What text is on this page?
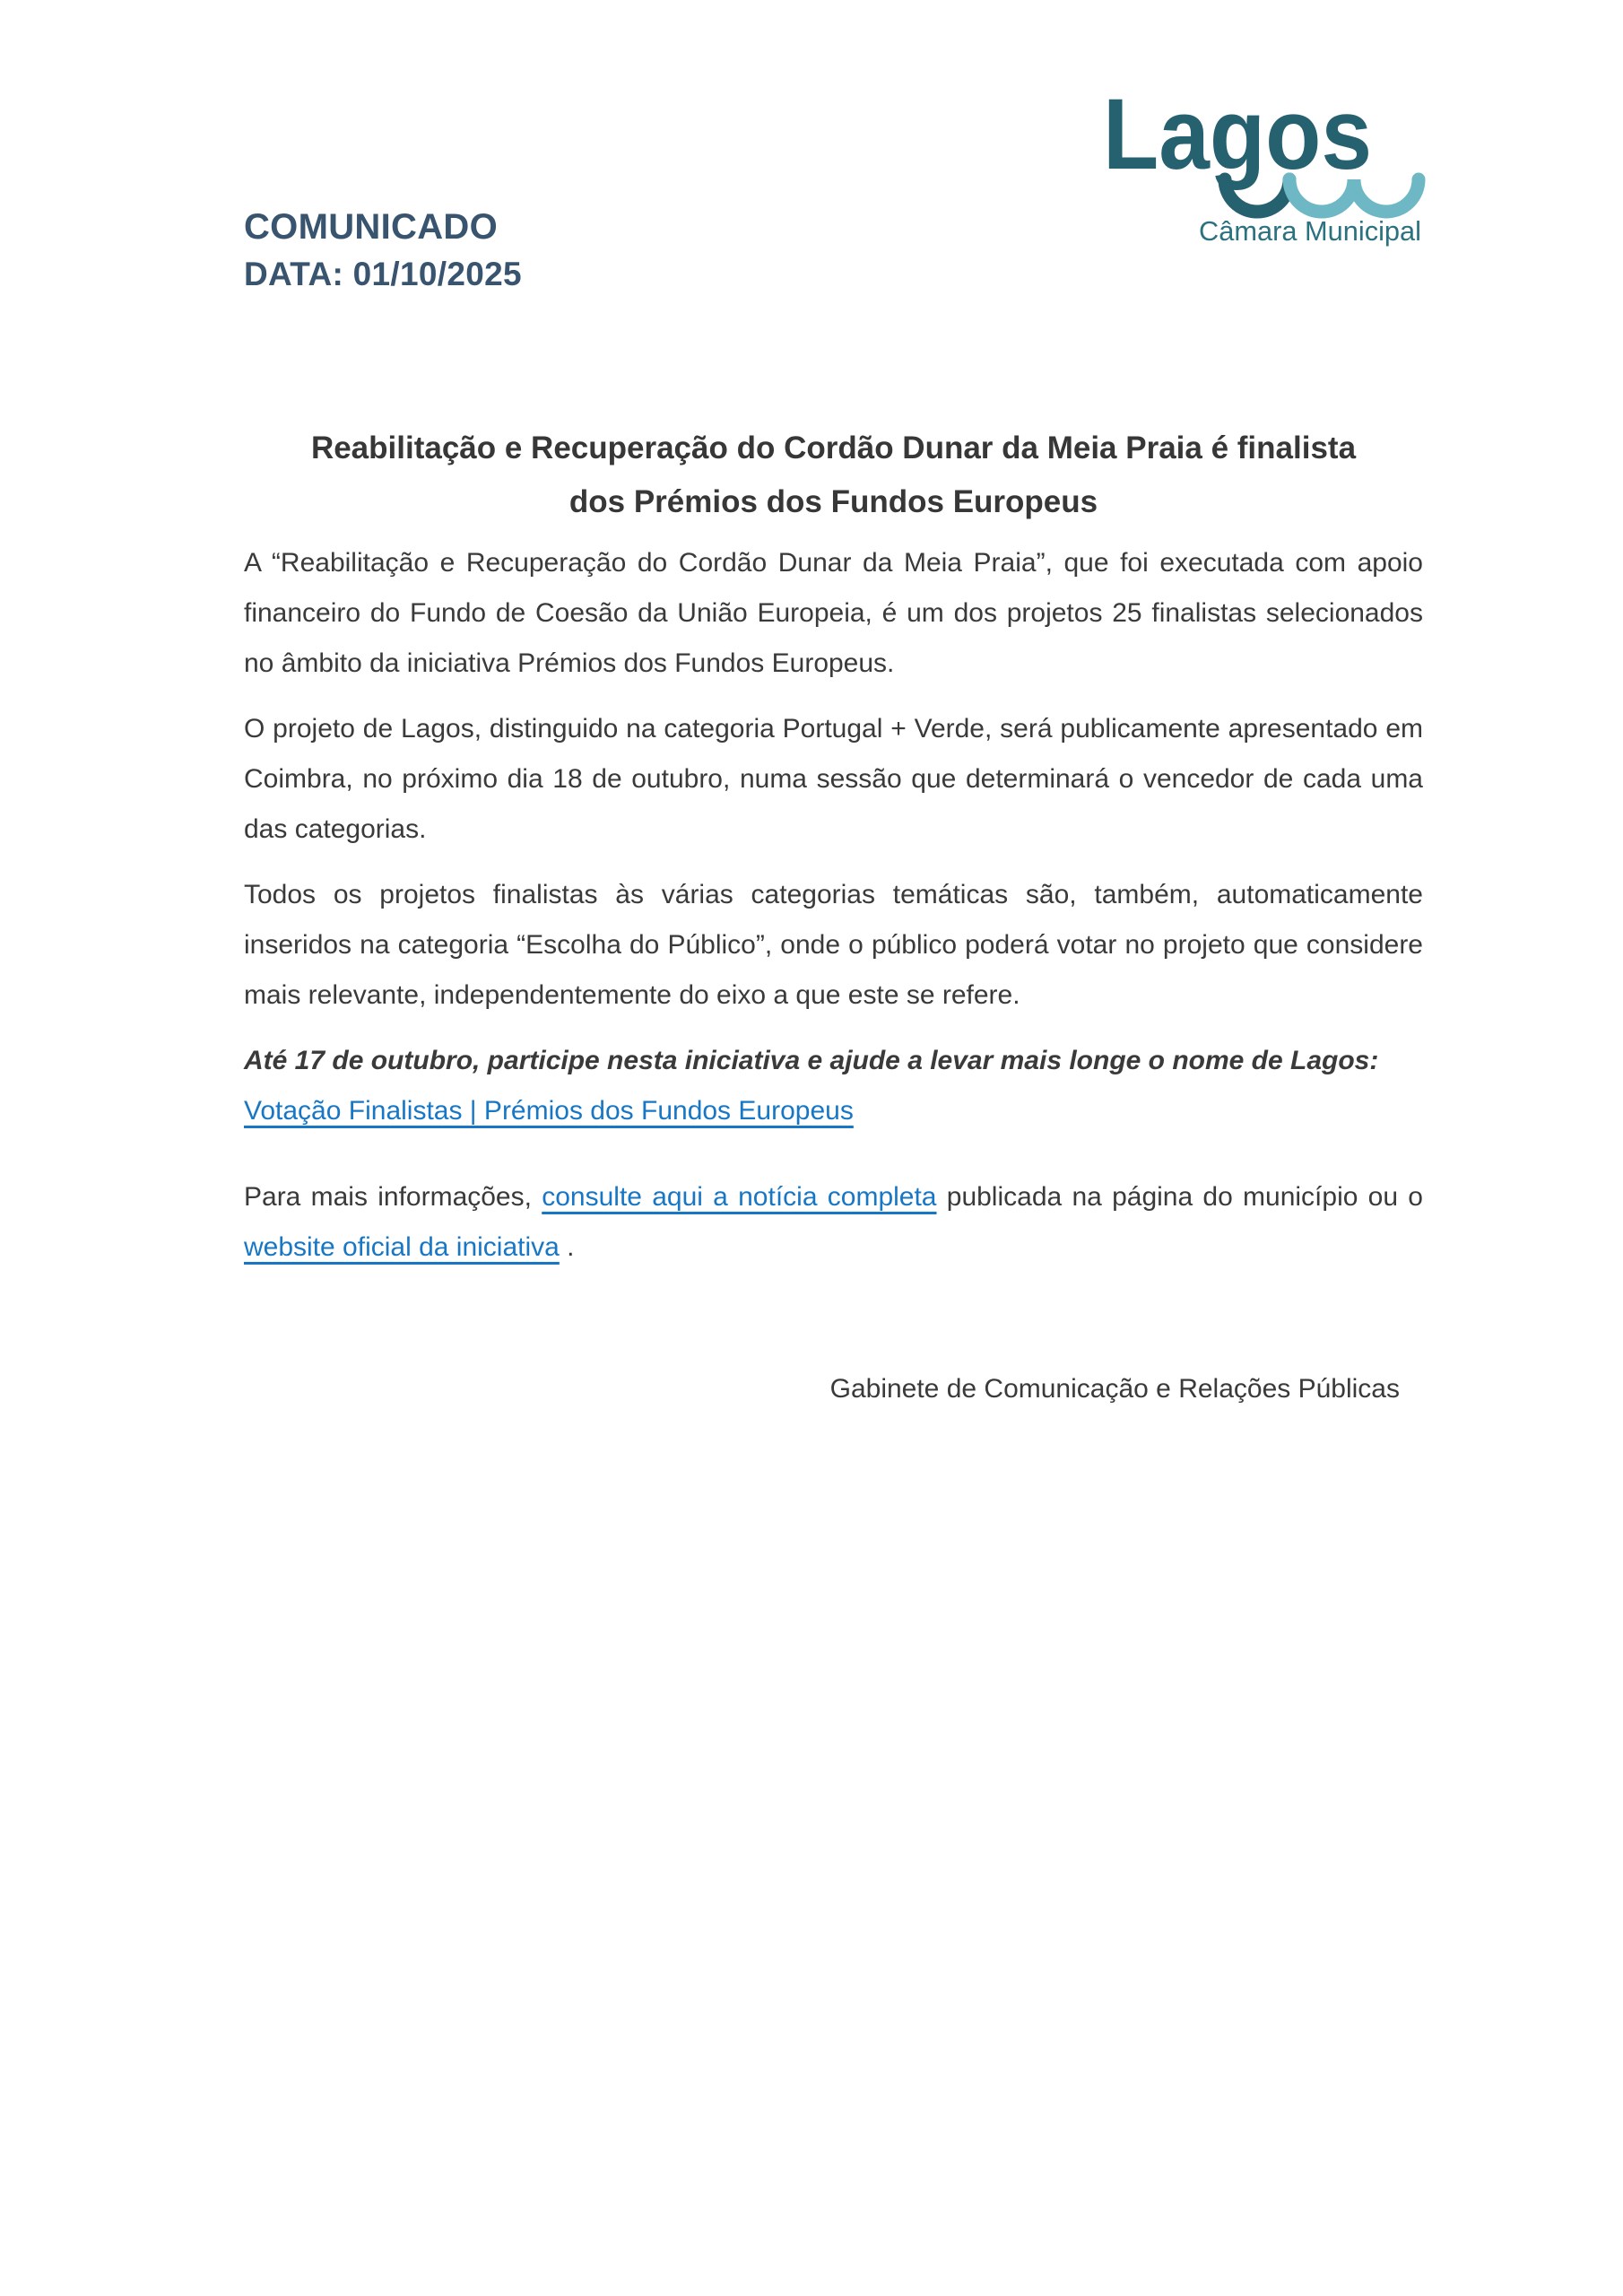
COMUNICADO
DATA: 01/10/2025
Lagos
Câmara Municipal
Reabilitação e Recuperação do Cordão Dunar da Meia Praia é finalista
dos Prémios dos Fundos Europeus

A “Reabilitação e Recuperação do Cordão Dunar da Meia Praia”, que foi executada com apoio financeiro do Fundo de Coesão da União Europeia, é um dos projetos 25 finalistas selecionados no âmbito da iniciativa Prémios dos Fundos Europeus.

O projeto de Lagos, distinguido na categoria Portugal + Verde, será publicamente apresentado em Coimbra, no próximo dia 18 de outubro, numa sessão que determinará o vencedor de cada uma das categorias.

Todos os projetos finalistas às várias categorias temáticas são, também, automaticamente inseridos na categoria “Escolha do Público”, onde o público poderá votar no projeto que considere mais relevante, independentemente do eixo a que este se refere.

Até 17 de outubro, participe nesta iniciativa e ajude a levar mais longe o nome de Lagos:

Votação Finalistas | Prémios dos Fundos Europeus

Para mais informações, consulte aqui a notícia completa publicada na página do município ou o website oficial da iniciativa .

Gabinete de Comunicação e Relações Públicas
